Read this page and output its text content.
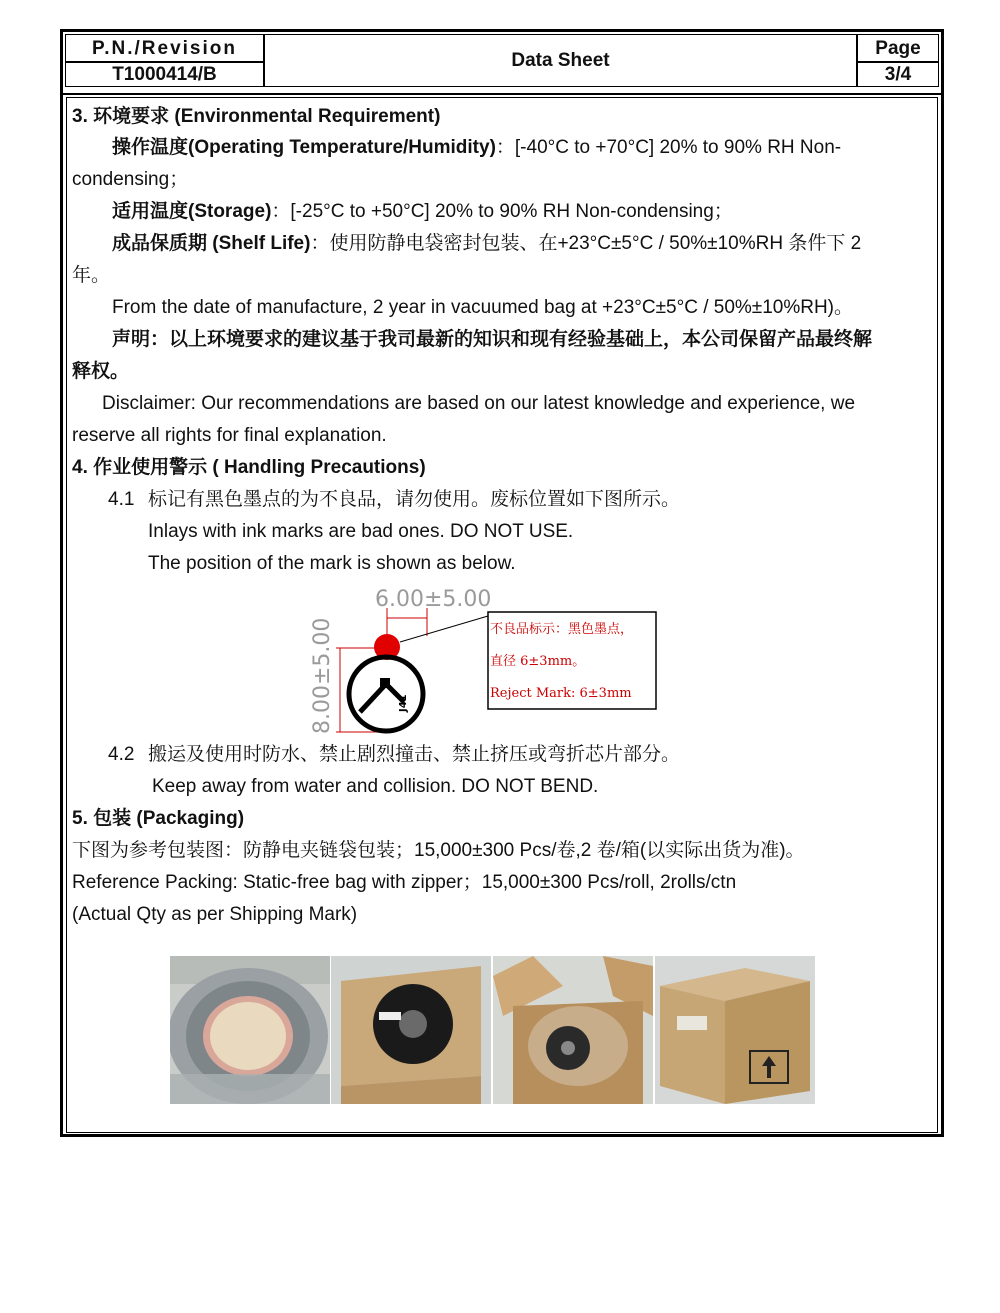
P.N./Revision
T1000414/B
Data Sheet
Page
3/4
3. 环境要求 (Environmental Requirement)
操作温度(Operating Temperature/Humidity)：[-40°C to +70°C] 20% to 90% RH Non-
condensing；
适用温度(Storage)：[-25°C to +50°C] 20% to 90% RH Non-condensing；
成品保质期 (Shelf Life)：使用防静电袋密封包装、在+23°C±5°C / 50%±10%RH 条件下 2
年。
From the date of manufacture, 2 year in vacuumed bag at +23°C±5°C / 50%±10%RH)。
声明：以上环境要求的建议基于我司最新的知识和现有经验基础上，本公司保留产品最终解
释权。
Disclaimer: Our recommendations are based on our latest knowledge and experience, we
reserve all rights for final explanation.
4. 作业使用警示 ( Handling Precautions)
4.1 标记有黑色墨点的为不良品，请勿使用。废标位置如下图所示。
Inlays with ink marks are bad ones. DO NOT USE.
The position of the mark is shown as below.
6.00±5.00
8.00±5.00	J41
不良品标示：黑色墨点，
直径 6±3mm。
Reject Mark: 6±3mm
4.2 搬运及使用时防水、禁止剧烈撞击、禁止挤压或弯折芯片部分。
Keep away from water and collision. DO NOT BEND.
5. 包装 (Packaging)
下图为参考包装图：防静电夹链袋包装；15,000±300 Pcs/卷,2 卷/箱(以实际出货为准)。
Reference Packing: Static-free bag with zipper；15,000±300 Pcs/roll, 2rolls/ctn
(Actual Qty as per Shipping Mark)
